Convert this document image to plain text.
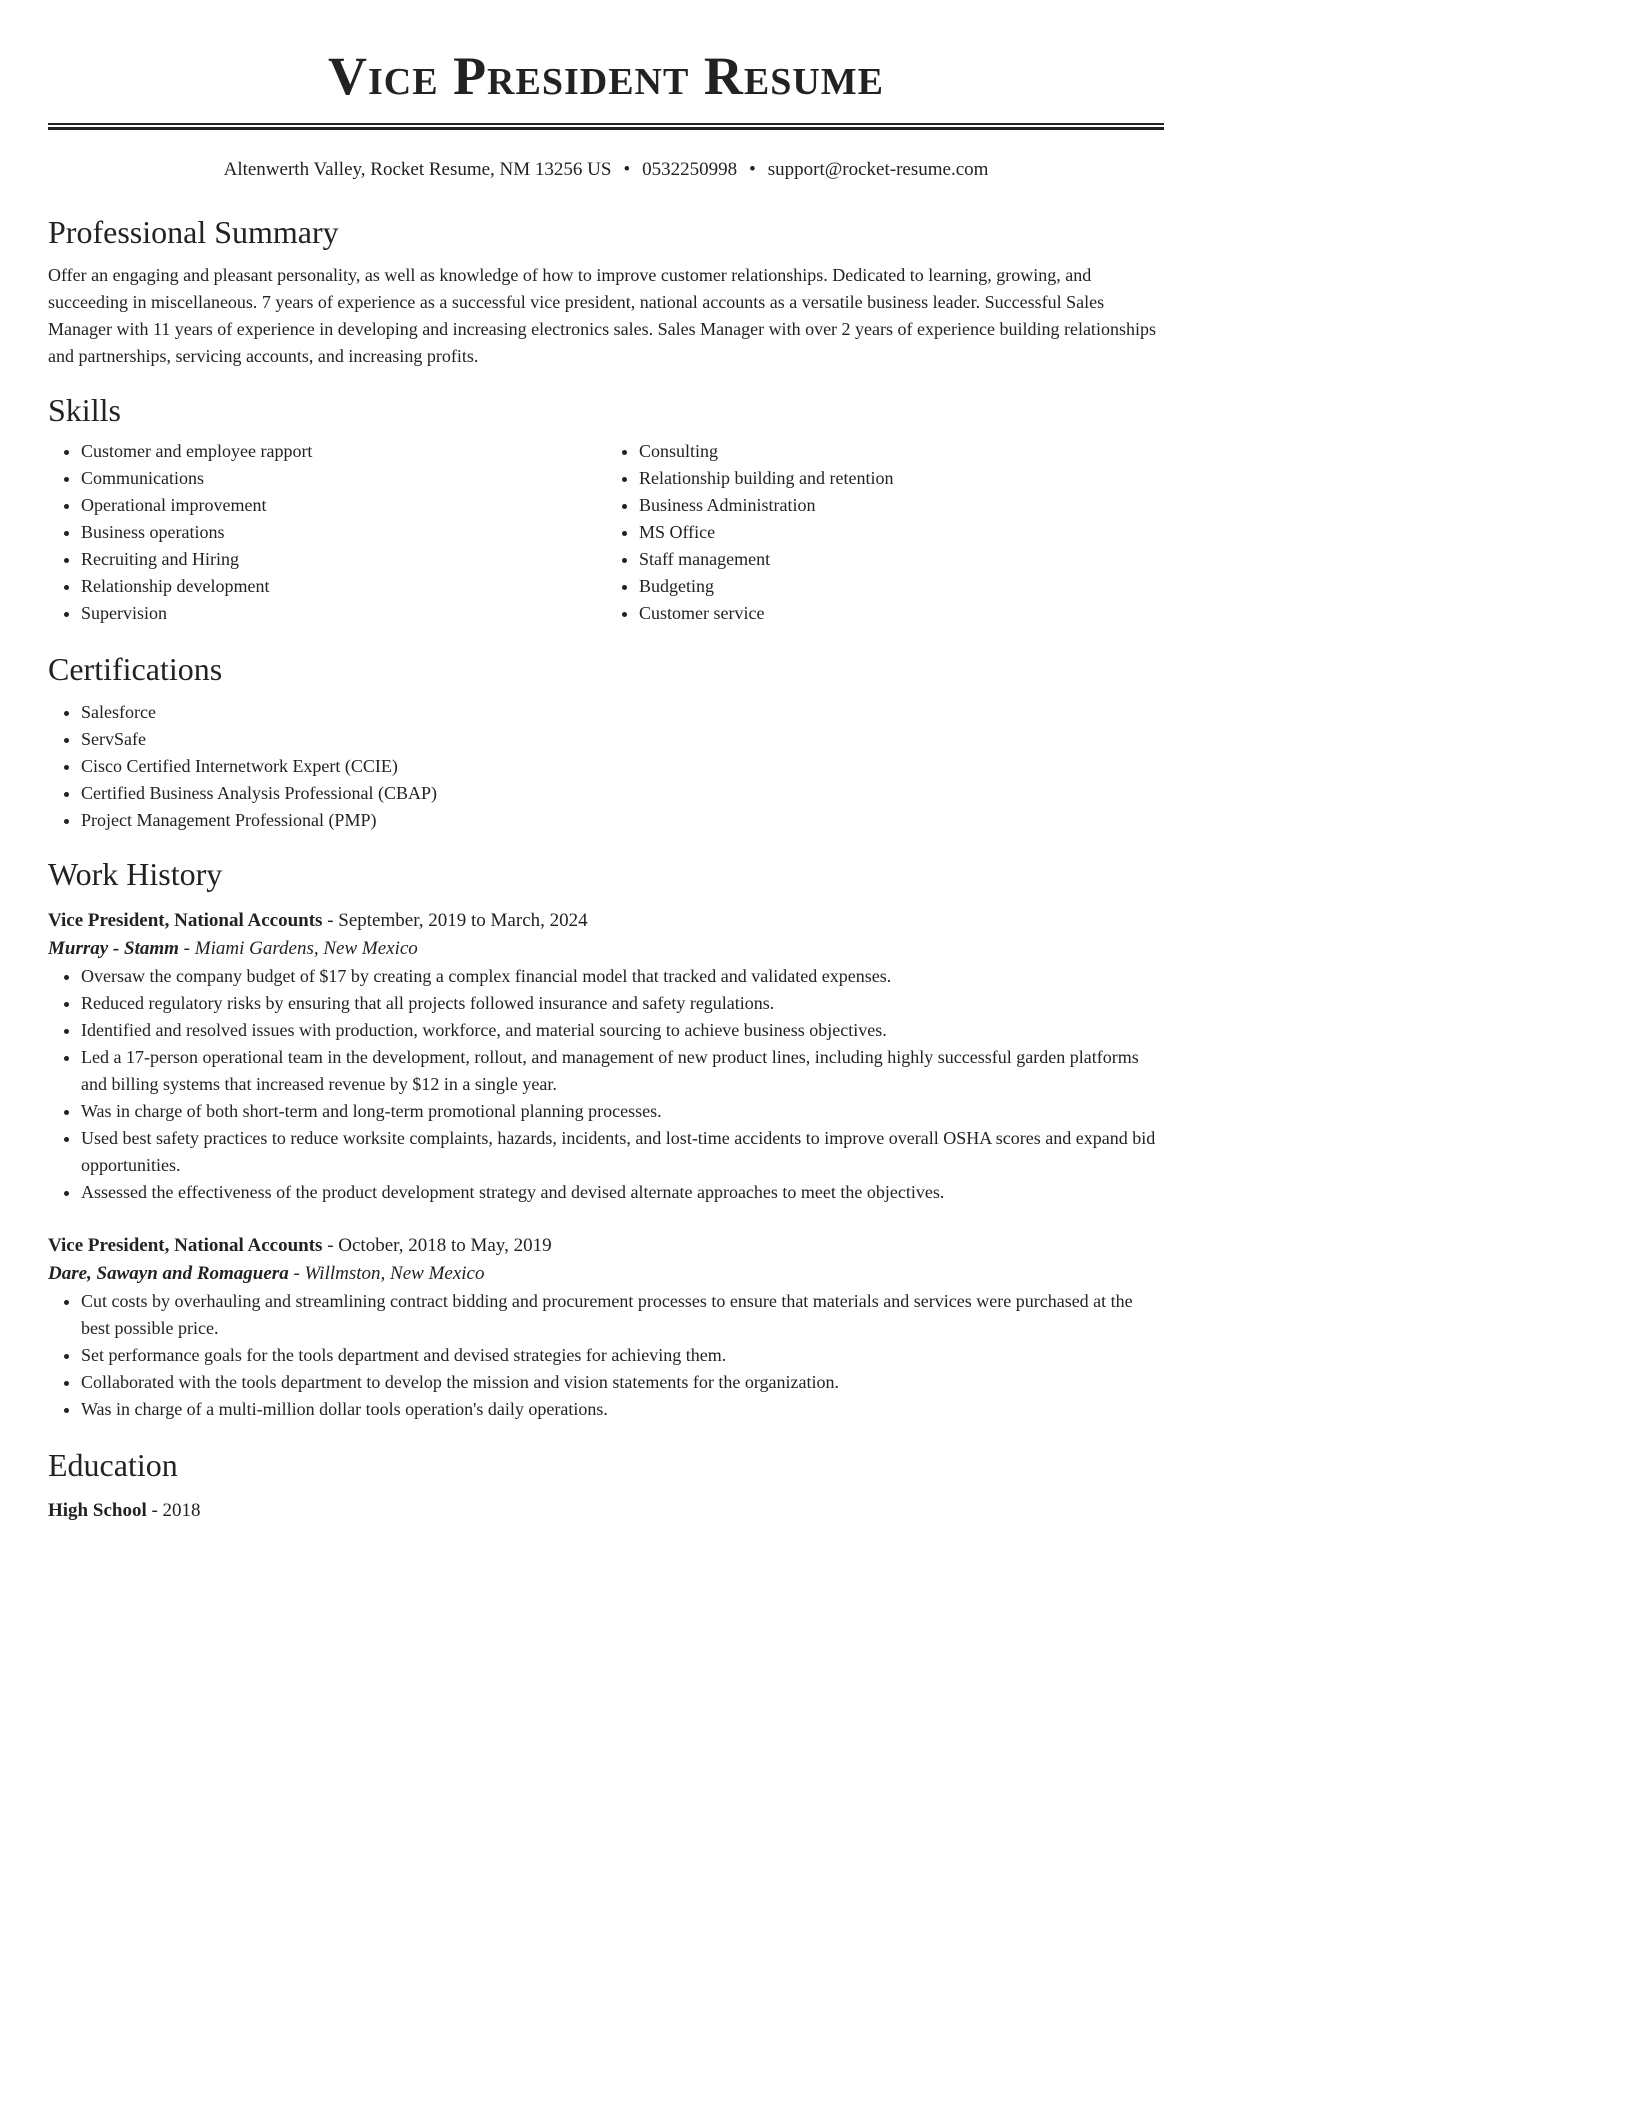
Vice President Resume
Altenwerth Valley, Rocket Resume, NM 13256 US • 0532250998 • support@rocket-resume.com
Professional Summary

Offer an engaging and pleasant personality, as well as knowledge of how to improve customer relationships. Dedicated to learning, growing, and succeeding in miscellaneous. 7 years of experience as a successful vice president, national accounts as a versatile business leader. Successful Sales Manager with 11 years of experience in developing and increasing electronics sales. Sales Manager with over 2 years of experience building relationships and partnerships, servicing accounts, and increasing profits.

Skills
• Customer and employee rapport
• Communications
• Operational improvement
• Business operations
• Recruiting and Hiring
• Relationship development
• Supervision
• Consulting
• Relationship building and retention
• Business Administration
• MS Office
• Staff management
• Budgeting
• Customer service
Certifications
• Salesforce
• ServSafe
• Cisco Certified Internetwork Expert (CCIE)
• Certified Business Analysis Professional (CBAP)
• Project Management Professional (PMP)
Work History
Vice President, National Accounts - September, 2019 to March, 2024
Murray - Stamm - Miami Gardens, New Mexico
• Oversaw the company budget of $17 by creating a complex financial model that tracked and validated expenses.
• Reduced regulatory risks by ensuring that all projects followed insurance and safety regulations.
• Identified and resolved issues with production, workforce, and material sourcing to achieve business objectives.
• Led a 17-person operational team in the development, rollout, and management of new product lines, including highly successful garden platforms and billing systems that increased revenue by $12 in a single year.
• Was in charge of both short-term and long-term promotional planning processes.
• Used best safety practices to reduce worksite complaints, hazards, incidents, and lost-time accidents to improve overall OSHA scores and expand bid opportunities.
• Assessed the effectiveness of the product development strategy and devised alternate approaches to meet the objectives.
Vice President, National Accounts - October, 2018 to May, 2019
Dare, Sawayn and Romaguera - Willmston, New Mexico
• Cut costs by overhauling and streamlining contract bidding and procurement processes to ensure that materials and services were purchased at the best possible price.
• Set performance goals for the tools department and devised strategies for achieving them.
• Collaborated with the tools department to develop the mission and vision statements for the organization.
• Was in charge of a multi-million dollar tools operation's daily operations.
Education
High School - 2018
